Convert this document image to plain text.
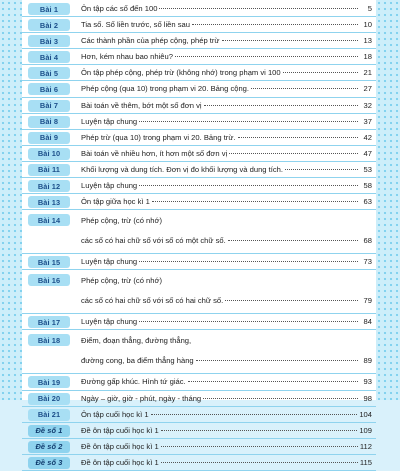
Bài 1	Ôn tập các số đến 100	5
Bài 2	Tia số. Số liền trước, số liền sau	10
Bài 3	Các thành phần của phép cộng, phép trừ	13
Bài 4	Hơn, kém nhau bao nhiêu?	18
Bài 5	Ôn tập phép cộng, phép trừ (không nhớ) trong phạm vi 100	21
Bài 6	Phép cộng (qua 10) trong phạm vi 20. Bảng cộng.	27
Bài 7	Bài toán về thêm, bớt một số đơn vị	32
Bài 8	Luyện tập chung	37
Bài 9	Phép trừ (qua 10) trong phạm vi 20. Bảng trừ.	42
Bài 10	Bài toán về nhiều hơn, ít hơn một số đơn vị	47
Bài 11	Khối lượng và dung tích. Đơn vị đo khối lượng và dung tích.	53
Bài 12	Luyện tập chung	58
Bài 13	Ôn tập giữa học kì 1	63
Bài 14	Phép cộng, trừ (có nhớ)
các số có hai chữ số với số có một chữ số.	68
Bài 15	Luyện tập chung	73
Bài 16	Phép cộng, trừ (có nhớ)
các số có hai chữ số với số có hai chữ số.	79
Bài 17	Luyện tập chung	84
Bài 18	Điểm, đoạn thẳng, đường thẳng,
đường cong, ba điểm thẳng hàng	89
Bài 19	Đường gấp khúc. Hình tứ giác.	93
Bài 20	Ngày – giờ, giờ - phút, ngày - tháng	98
Bài 21	Ôn tập cuối học kì 1	104
Đề số 1	Đề ôn tập cuối học kì 1	109
Đề số 2	Đề ôn tập cuối học kì 1	112
Đề số 3	Đề ôn tập cuối học kì 1	115
